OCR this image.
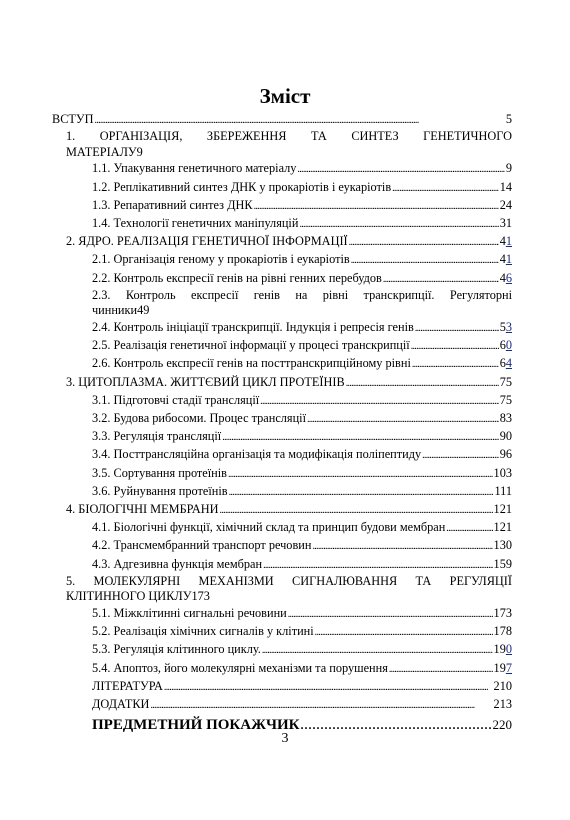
Зміст
ВСТУП . . .	5
1. ОРГАНІЗАЦІЯ, ЗБЕРЕЖЕННЯ ТА СИНТЕЗ ГЕНЕТИЧНОГО
МАТЕРІАЛУ 9
1.1. Упакування генетичного матеріалу . . .	9
1.2. Реплікативний синтез ДНК у прокаріотів і еукаріотів . . .	14
1.3. Репаративний синтез ДНК . . .	24
1.4. Технології генетичних маніпуляцій . . .	31
2. ЯДРО. РЕАЛІЗАЦІЯ ГЕНЕТИЧНОЇ ІНФОРМАЦІЇ . . .	41
2.1. Організація геному у прокаріотів і еукаріотів . . .	41
2.2. Контроль експресії генів на рівні генних перебудов . . .	46
2.3. Контроль експресії генів на рівні транскрипції. Регуляторні
чинники 49
2.4. Контроль ініціації транскрипції. Індукція і репресія генів . . .	53
2.5. Реалізація генетичної інформації у процесі транскрипції . . .	60
2.6. Контроль експресії генів на посттранскрипційному рівні . . .	64
3. ЦИТОПЛАЗМА. ЖИТТЄВИЙ ЦИКЛ ПРОТЕЇНІВ . . .	75
3.1. Підготовчі стадії трансляції . . .	75
3.2. Будова рибосоми. Процес трансляції . . .	83
3.3. Регуляція трансляції . . .	90
3.4. Посттрансляційна організація та модифікація поліпептиду . . .	96
3.5. Сортування протеїнів . . .	103
3.6. Руйнування протеїнів . . .	111
4. БІОЛОГІЧНІ МЕМБРАНИ . . .	121
4.1. Біологічні функції, хімічний склад та принцип будови мембран . . .	121
4.2. Трансмембранний транспорт речовин . . .	130
4.3. Адгезивна функція мембран . . .	159
5. МОЛЕКУЛЯРНІ МЕХАНІЗМИ СИГНАЛЮВАННЯ ТА РЕГУЛЯЦІЇ
КЛІТИННОГО ЦИКЛУ 173
5.1. Міжклітинні сигнальні речовини . . .	173
5.2. Реалізація хімічних сигналів у клітині . . .	178
5.3. Регуляція клітинного циклу. . . .	190
5.4. Апоптоз, його молекулярні механізми та порушення . . .	197
ЛІТЕРАТУРА . . .	210
ДОДАТКИ . . .	213
ПРЕДМЕТНИЙ ПОКАЖЧИК . . .	220
3
